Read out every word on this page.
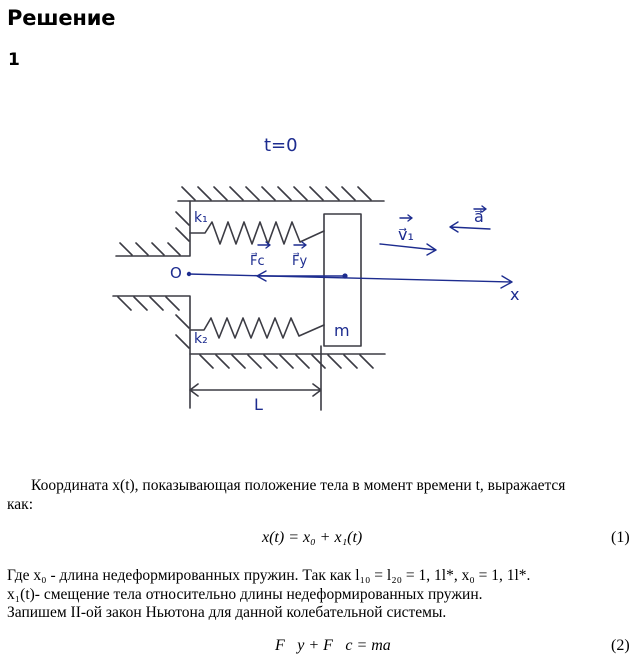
Решение
1
t=0
k₁
k₂
F⃗c F⃗y
v⃗₁
a⃗
O
x
m
L
Координата x(t), показывающая положение тела в момент времени t, выражается
как:
x(t) = x₀ + x₁(t)	(1)
Где x₀ - длина недеформированных пружин. Так как l₁₀ = l₂₀ = 1, 1l*, x₀ = 1, 1l*.
x₁(t)- смещение тела относительно длины недеформированных пружин.
Запишем II-ой закон Ньютона для данной колебательной системы.
F⃗y + F⃗c = ma⃗	(2)
